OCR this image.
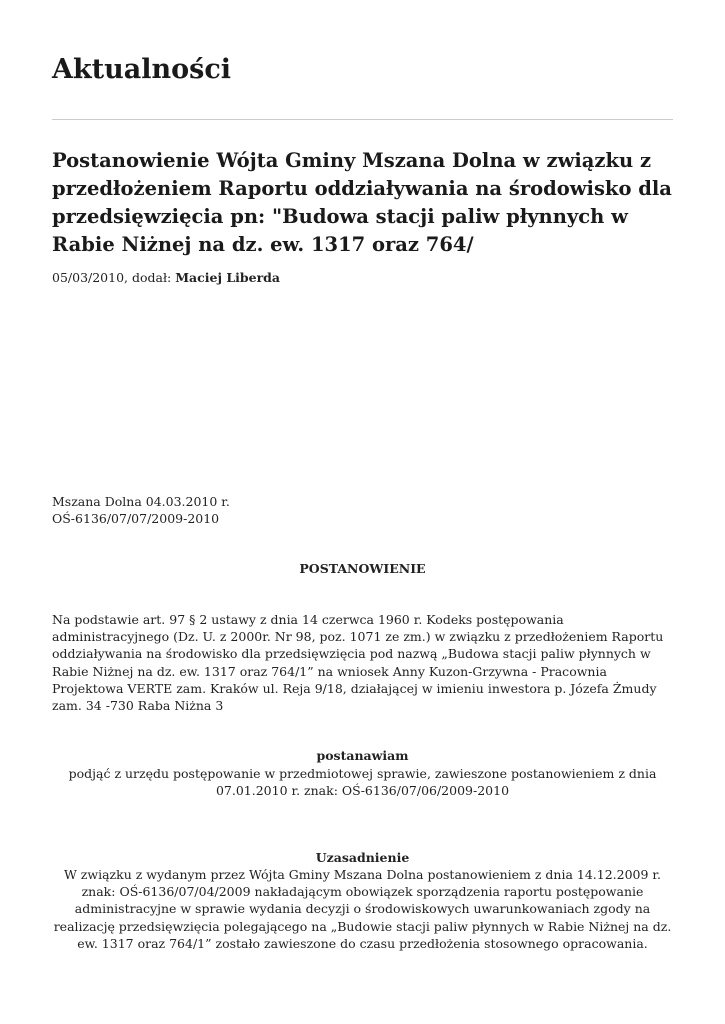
Aktualności
Postanowienie Wójta Gminy Mszana Dolna w związku z przedłożeniem Raportu oddziaływania na środowisko dla przedsięwzięcia pn: "Budowa stacji paliw płynnych w Rabie Niżnej na dz. ew. 1317 oraz 764/
05/03/2010, dodał: Maciej Liberda
Mszana Dolna 04.03.2010 r.
OŚ-6136/07/07/2009-2010
POSTANOWIENIE
Na podstawie art. 97 § 2 ustawy z dnia 14 czerwca 1960 r. Kodeks postępowania administracyjnego (Dz. U. z 2000r. Nr 98, poz. 1071 ze zm.) w związku z przedłożeniem Raportu oddziaływania na środowisko dla przedsięwzięcia pod nazwą „Budowa stacji paliw płynnych w Rabie Niżnej na dz. ew. 1317 oraz 764/1” na wniosek Anny Kuzon-Grzywna - Pracownia Projektowa VERTE zam. Kraków ul. Reja 9/18, działającej w imieniu inwestora p. Józefa Żmudy zam. 34 -730 Raba Niżna 3
postanawiam
podjąć z urzędu postępowanie w przedmiotowej sprawie, zawieszone postanowieniem z dnia 07.01.2010 r. znak: OŚ-6136/07/06/2009-2010
Uzasadnienie
W związku z wydanym przez Wójta Gminy Mszana Dolna postanowieniem z dnia 14.12.2009 r. znak: OŚ-6136/07/04/2009 nakładającym obowiązek sporządzenia raportu postępowanie administracyjne w sprawie wydania decyzji o środowiskowych uwarunkowaniach zgody na realizację przedsięwzięcia polegającego na „Budowie stacji paliw płynnych w Rabie Niżnej na dz. ew. 1317 oraz 764/1” zostało zawieszone do czasu przedłożenia stosownego opracowania.
